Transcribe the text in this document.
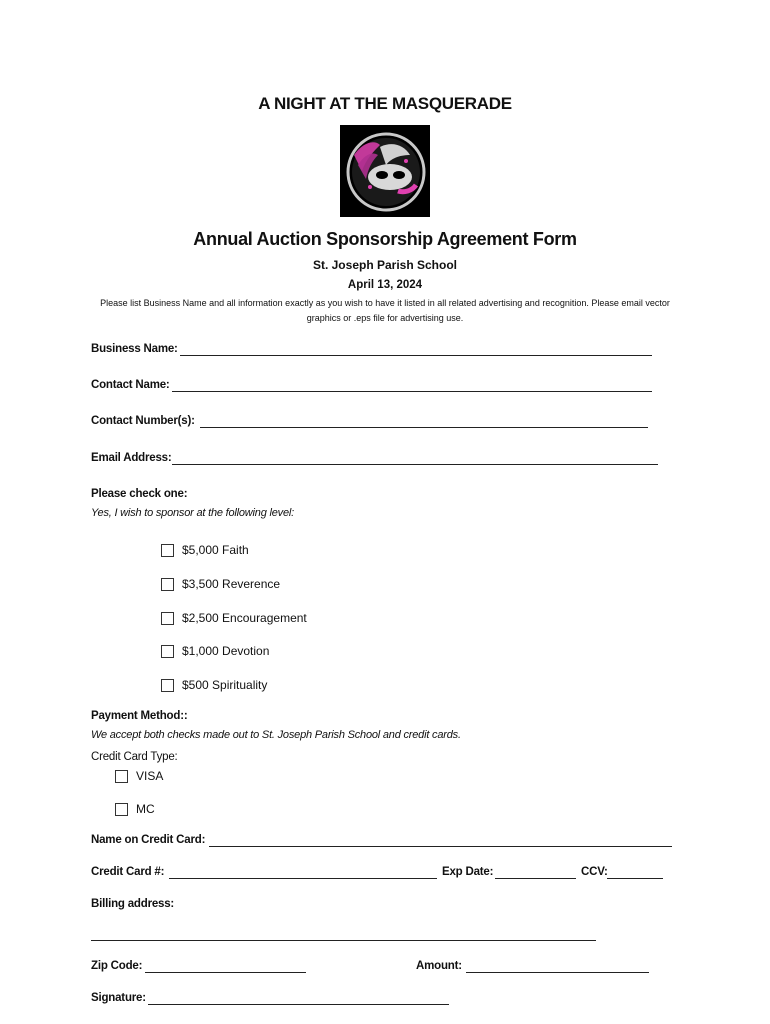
A NIGHT AT THE MASQUERADE
Annual Auction Sponsorship Agreement Form
St. Joseph Parish School
April 13, 2024
Please list Business Name and all information exactly as you wish to have it listed in all related advertising and recognition. Please email vector graphics or .eps file for advertising use.
Business Name:
Contact Name:
Contact Number(s):
Email Address:
Please check one:
Yes, I wish to sponsor at the following level:
$5,000 Faith
$3,500 Reverence
$2,500 Encouragement
$1,000 Devotion
$500 Spirituality
Payment Method::
We accept both checks made out to St. Joseph Parish School and credit cards.
Credit Card Type:
VISA
MC
Name on Credit Card:
Credit Card #:	Exp Date:	CCV:
Billing address:
Zip Code:	Amount:
Signature:
